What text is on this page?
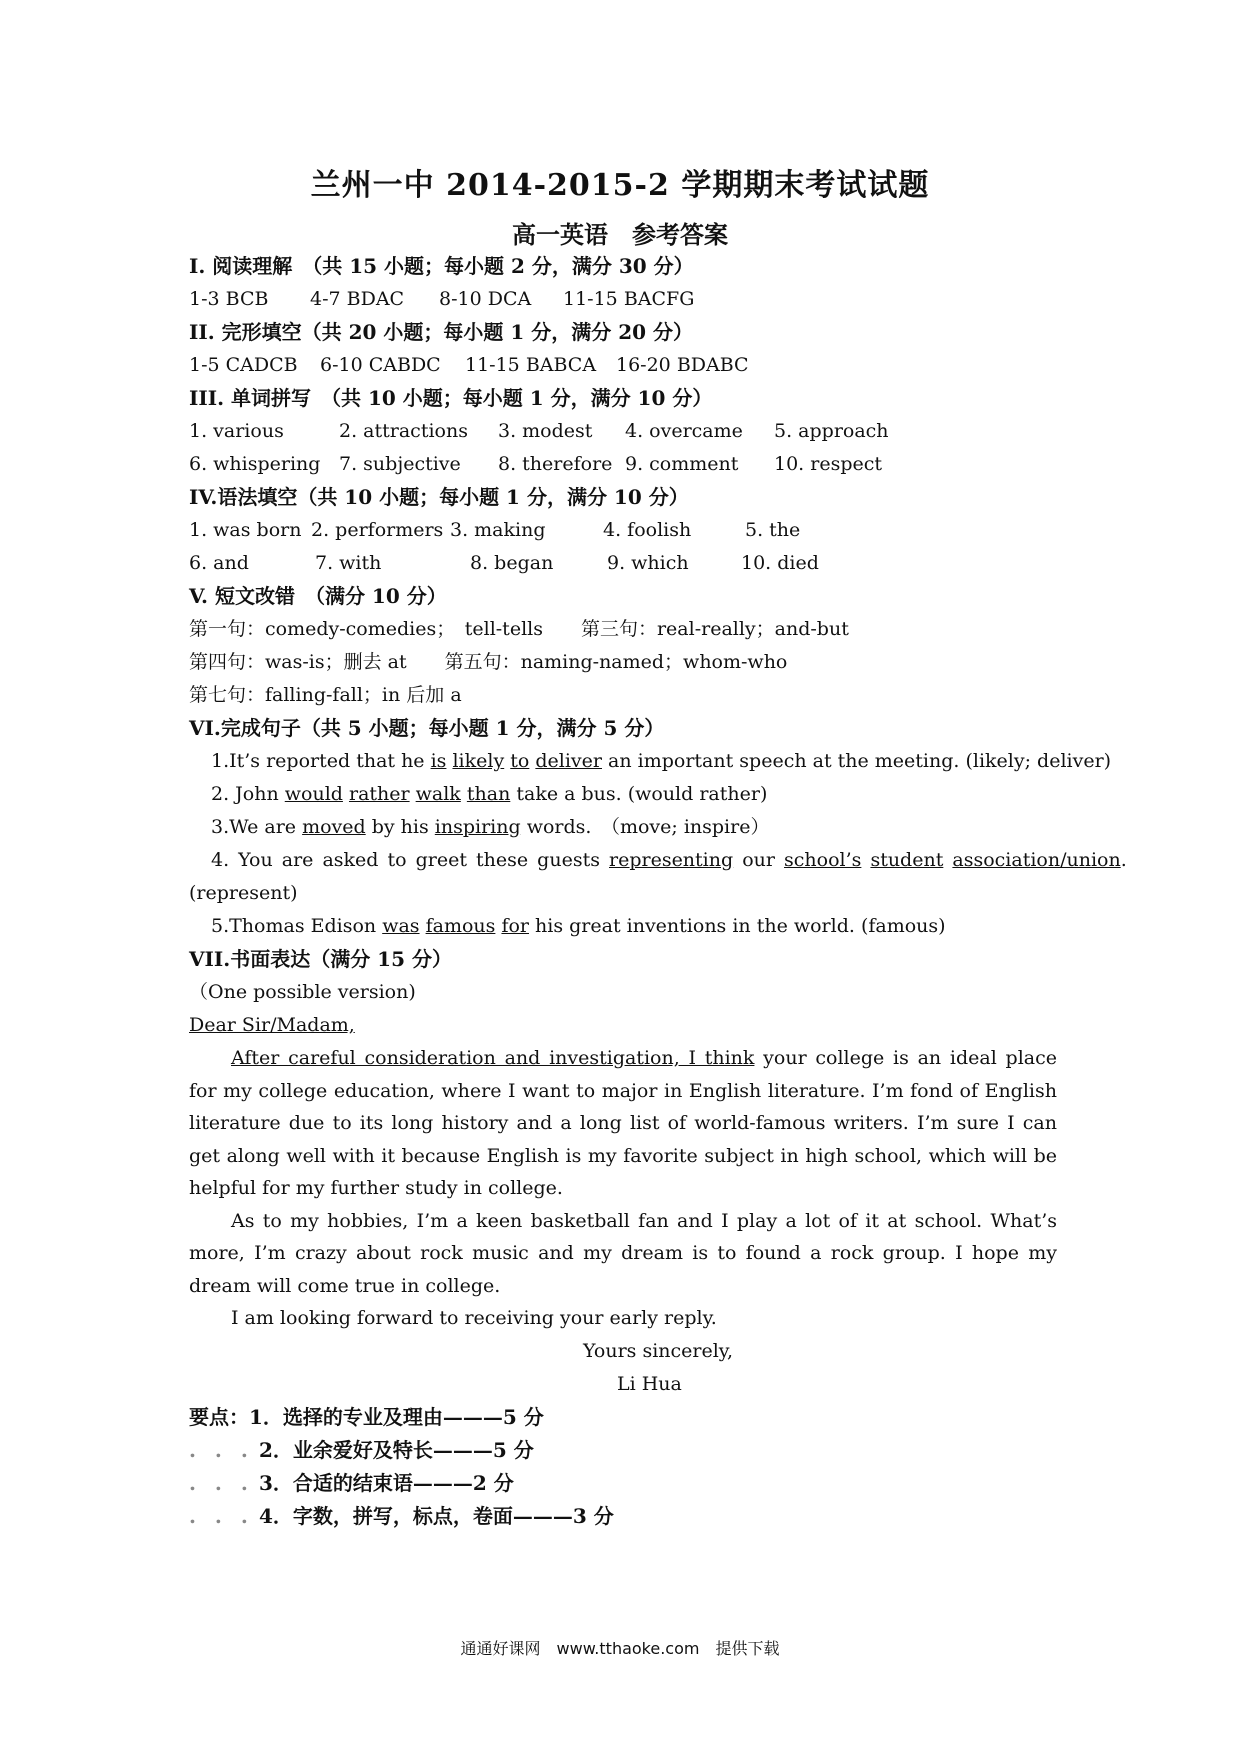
兰州一中 2014-2015-2 学期期末考试试题
高一英语　参考答案
I. 阅读理解　（共 15 小题；每小题 2 分，满分 30 分）
1-3 BCB 4-7 BDAC 8-10 DCA 11-15 BACFG
II. 完形填空（共 20 小题；每小题 1 分，满分 20 分）
1-5 CADCB 6-10 CABDC 11-15 BABCA 16-20 BDABC
III. 单词拼写　（共 10 小题；每小题 1 分，满分 10 分）
1. various	2. attractions 3. modest 4. overcame 5. approach
6. whispering 7. subjective 8. therefore 9. comment 10. respect
IV.语法填空（共 10 小题；每小题 1 分，满分 10 分）
1. was born 2. performers 3. making	4. foolish	5. the
6. and	7. with	8. began	9. which	10. died
V. 短文改错　（满分 10 分）
第一句：comedy-comedies；　tell-tells　　第三句：real-really；and-but
第四句：was-is；删去 at　　第五句：naming-named；whom-who
第七句：falling-fall；in 后加 a
VI.完成句子（共 5 小题；每小题 1 分，满分 5 分）
1.It’s reported that he is likely to deliver an important speech at the meeting. (likely; deliver)
2. John would rather walk than take a bus. (would rather)
3.We are moved by his inspiring words.　（move; inspire）
4. You are asked to greet these guests representing our school’s student association/union.
(represent)
5.Thomas Edison was famous for his great inventions in the world. (famous)
VII.书面表达（满分 15 分）
（One possible version)
Dear Sir/Madam,
After careful consideration and investigation, I think your college is an ideal place for my college education, where I want to major in English literature. I’m fond of English literature due to its long history and a long list of world-famous writers. I’m sure I can get along well with it because English is my favorite subject in high school, which will be helpful for my further study in college.
As to my hobbies, I’m a keen basketball fan and I play a lot of it at school. What’s more, I’m crazy about rock music and my dream is to found a rock group. I hope my dream will come true in college.
I am looking forward to receiving your early reply.
Yours sincerely,
Li Hua
要点：1．选择的专业及理由———5 分
. . . 2．业余爱好及特长———5 分
. . . 3．合适的结束语———2 分
. . . 4．字数，拼写，标点，卷面———3 分
通通好课网　www.tthaoke.com　提供下载
